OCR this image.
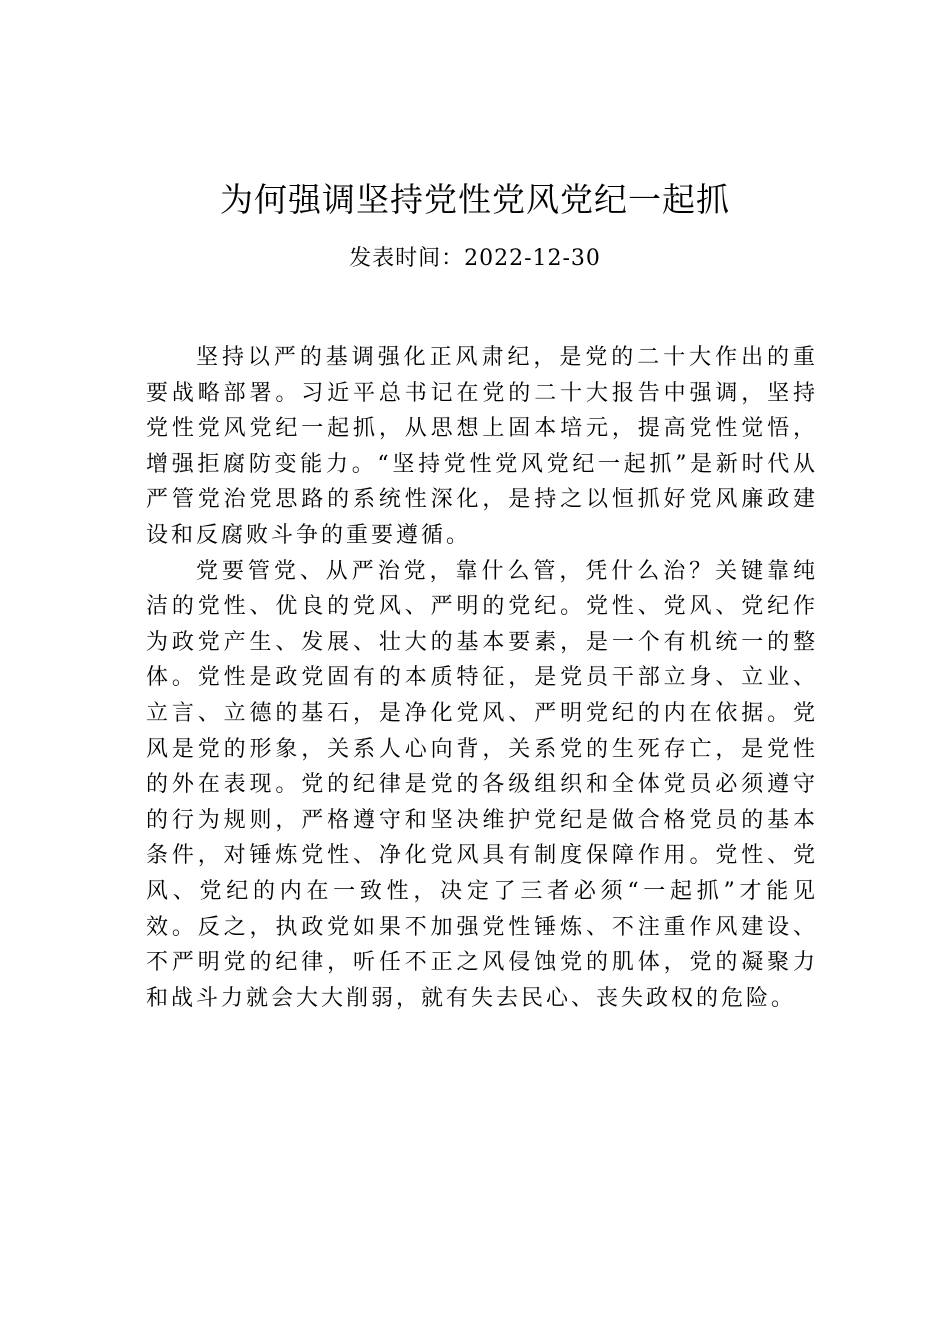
为何强调坚持党性党风党纪一起抓

发表时间：2022-12-30

坚持以严的基调强化正风肃纪，是党的二十大作出的重要战略部署。习近平总书记在党的二十大报告中强调，坚持党性党风党纪一起抓，从思想上固本培元，提高党性觉悟，增强拒腐防变能力。“坚持党性党风党纪一起抓”是新时代从严管党治党思路的系统性深化，是持之以恒抓好党风廉政建设和反腐败斗争的重要遵循。

党要管党、从严治党，靠什么管，凭什么治？关键靠纯洁的党性、优良的党风、严明的党纪。党性、党风、党纪作为政党产生、发展、壮大的基本要素，是一个有机统一的整体。党性是政党固有的本质特征，是党员干部立身、立业、立言、立德的基石，是净化党风、严明党纪的内在依据。党风是党的形象，关系人心向背，关系党的生死存亡，是党性的外在表现。党的纪律是党的各级组织和全体党员必须遵守的行为规则，严格遵守和坚决维护党纪是做合格党员的基本条件，对锤炼党性、净化党风具有制度保障作用。党性、党风、党纪的内在一致性，决定了三者必须“一起抓”才能见效。反之，执政党如果不加强党性锤炼、不注重作风建设、不严明党的纪律，听任不正之风侵蚀党的肌体，党的凝聚力和战斗力就会大大削弱，就有失去民心、丧失政权的危险。
